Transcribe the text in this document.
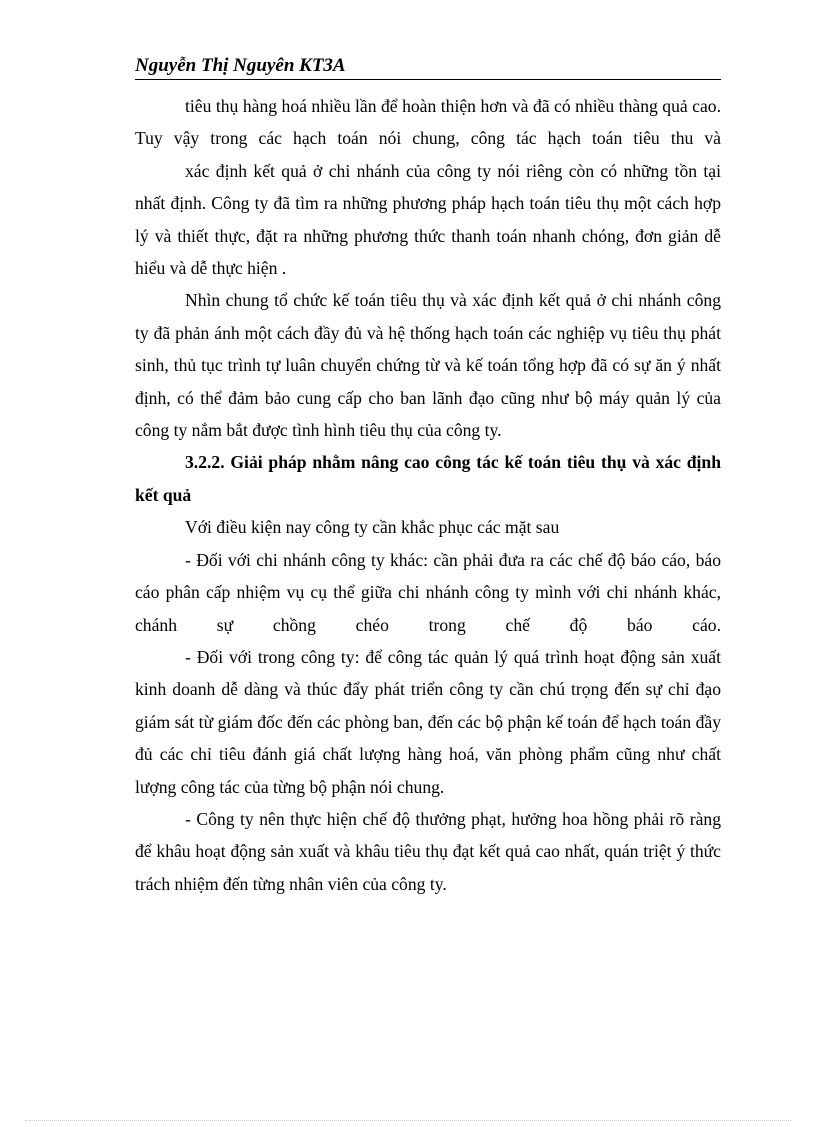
Nguyễn Thị Nguyên KT3A

tiêu thụ hàng hoá nhiều lần để hoàn thiện hơn và đã có nhiều thàng quả cao. Tuy vậy trong các hạch toán nói chung, công tác hạch toán tiêu thu và

xác định kết quả ở chi nhánh của công ty nói riêng còn có những tồn tại nhất định. Công ty đã tìm ra những phương pháp hạch toán tiêu thụ một cách hợp lý và thiết thực, đặt ra những phương thức thanh toán nhanh chóng, đơn giản dễ hiểu và dễ thực hiện .

Nhìn chung tổ chức kế toán tiêu thụ và xác định kết quả ở chi nhánh công ty đã phản ánh một cách đầy đủ và hệ thống hạch toán các nghiệp vụ tiêu thụ phát sinh, thủ tục trình tự luân chuyển chứng từ và kế toán tổng hợp đã có sự ăn ý nhất định, có thể đảm bảo cung cấp cho ban lãnh đạo cũng như bộ máy quản lý của công ty nắm bắt được tình hình tiêu thụ của công ty.

3.2.2. Giải pháp nhằm nâng cao công tác kế toán tiêu thụ và xác định kết quả

Với điều kiện nay công ty cần khắc phục các mặt sau

- Đối với chi nhánh công ty khác: cần phải đưa ra các chế độ báo cáo, báo cáo phân cấp nhiệm vụ cụ thể giữa chi nhánh công ty mình với chi nhánh khác, chánh sự chồng chéo trong chế độ báo cáo.

- Đối với trong công ty: để công tác quản lý quá trình hoạt động sản xuất kinh doanh dễ dàng và thúc đẩy phát triển công ty cần chú trọng đến sự chỉ đạo giám sát từ giám đốc đến các phòng ban, đến các bộ phận kế toán để hạch toán đầy đủ các chỉ tiêu đánh giá chất lượng hàng hoá, văn phòng phẩm cũng như chất lượng công tác của từng bộ phận nói chung.

- Công ty nên thực hiện chế độ thưởng phạt, hưởng hoa hồng phải rõ ràng để khâu hoạt động sản xuất và khâu tiêu thụ đạt kết quả cao nhất, quán triệt ý thức trách nhiệm đến từng nhân viên của công ty.
